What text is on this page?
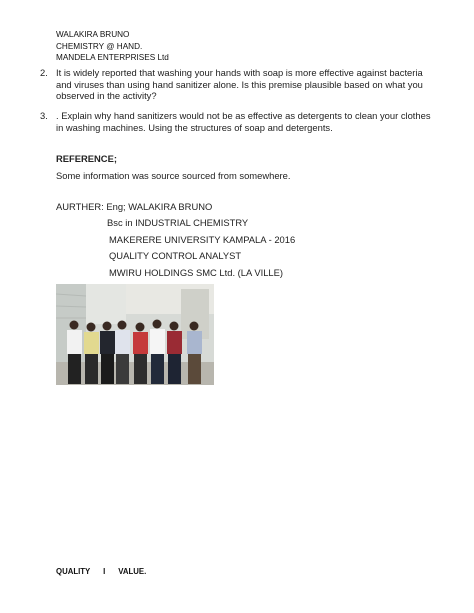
WALAKIRA BRUNO
CHEMISTRY @ HAND.
MANDELA ENTERPRISES Ltd
2. It is widely reported that washing your hands with soap is more effective against bacteria and viruses than using hand sanitizer alone. Is this premise plausible based on what you observed in the activity?
3. . Explain why hand sanitizers would not be as effective as detergents to clean your clothes in washing machines. Using the structures of soap and detergents.
REFERENCE;
Some information was source sourced from somewhere.
AURTHER: Eng; WALAKIRA BRUNO
Bsc in INDUSTRIAL CHEMISTRY
MAKERERE UNIVERSITY KAMPALA - 2016
QUALITY CONTROL ANALYST
MWIRU HOLDINGS SMC Ltd. (LA VILLE)
QUALITY      I      VALUE.
